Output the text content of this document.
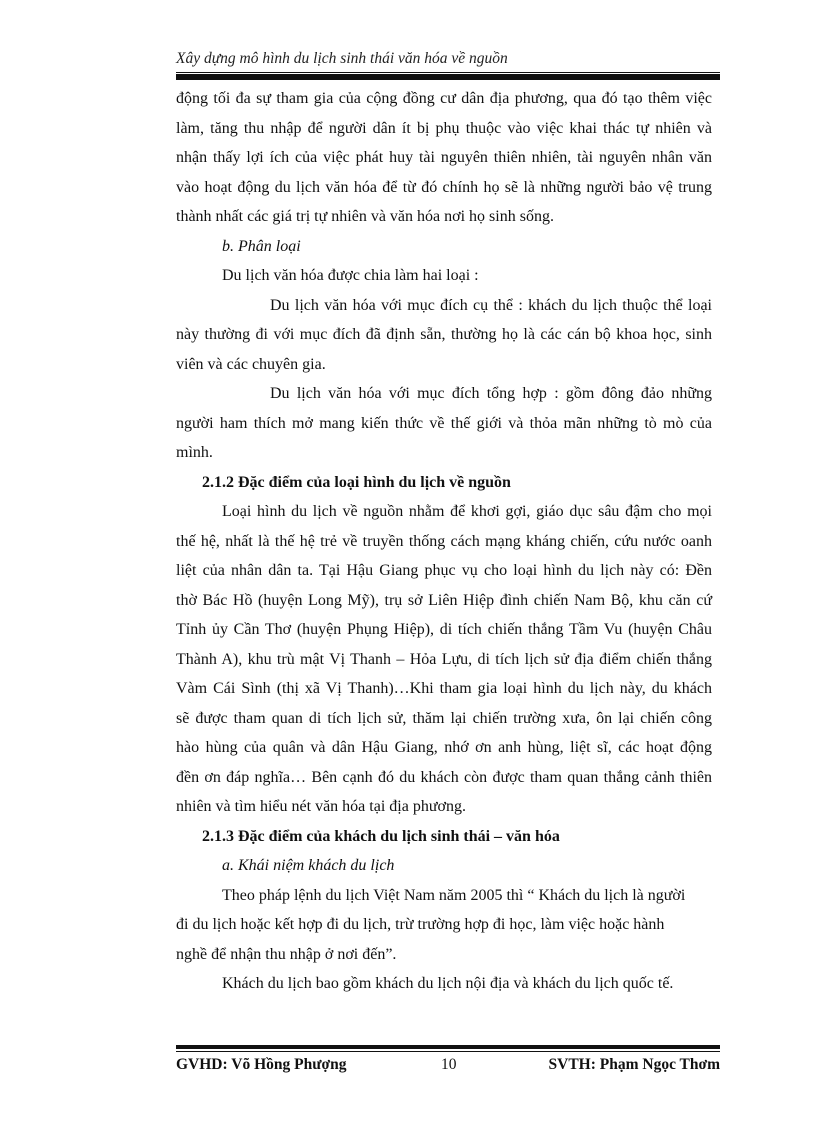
Xây dựng mô hình du lịch sinh thái văn hóa về nguồn
động tối đa sự tham gia của cộng đồng cư dân địa phương, qua đó tạo thêm việc
làm, tăng thu nhập để người dân ít bị phụ thuộc vào việc khai thác tự nhiên và
nhận thấy lợi ích của việc phát huy tài nguyên thiên nhiên, tài nguyên nhân văn
vào hoạt động du lịch văn hóa để từ đó chính họ sẽ là những người bảo vệ trung
thành nhất các giá trị tự nhiên và văn hóa nơi họ sinh sống.
b. Phân loại
Du lịch văn hóa được chia làm hai loại :
Du lịch văn hóa với mục đích cụ thể : khách du lịch thuộc thể loại
này thường đi với mục đích đã định sẵn, thường họ là các cán bộ khoa học, sinh
viên và các chuyên gia.
Du lịch văn hóa với mục đích tổng hợp : gồm đông đảo những
người ham thích mở mang kiến thức về thế giới và thỏa mãn những tò mò của
mình.
2.1.2 Đặc điểm của loại hình du lịch về nguồn
Loại hình du lịch về nguồn nhằm để khơi gợi, giáo dục sâu đậm cho mọi
thế hệ, nhất là thế hệ trẻ về truyền thống cách mạng kháng chiến, cứu nước oanh
liệt của nhân dân ta. Tại Hậu Giang phục vụ cho loại hình du lịch này có: Đền
thờ Bác Hồ (huyện Long Mỹ), trụ sở Liên Hiệp đình chiến Nam Bộ, khu căn cứ
Tỉnh ủy Cần Thơ (huyện Phụng Hiệp), di tích chiến thắng Tầm Vu (huyện Châu
Thành A), khu trù mật Vị Thanh – Hỏa Lựu, di tích lịch sử địa điểm chiến thắng
Vàm Cái Sình (thị xã Vị Thanh)…Khi tham gia loại hình du lịch này, du khách
sẽ được tham quan di tích lịch sử, thăm lại chiến trường xưa, ôn lại chiến công
hào hùng của quân và dân Hậu Giang, nhớ ơn anh hùng, liệt sĩ, các hoạt động
đền ơn đáp nghĩa… Bên cạnh đó du khách còn được tham quan thắng cảnh thiên
nhiên và tìm hiểu nét văn hóa tại địa phương.
2.1.3 Đặc điểm của khách du lịch sinh thái – văn hóa
a. Khái niệm khách du lịch
Theo pháp lệnh du lịch Việt Nam năm 2005 thì “ Khách du lịch là người
đi du lịch hoặc kết hợp đi du lịch, trừ trường hợp đi học, làm việc hoặc hành
nghề để nhận thu nhập ở nơi đến”.
Khách du lịch bao gồm khách du lịch nội địa và khách du lịch quốc tế.
GVHD: Võ Hồng Phượng	10	SVTH: Phạm Ngọc Thơm
